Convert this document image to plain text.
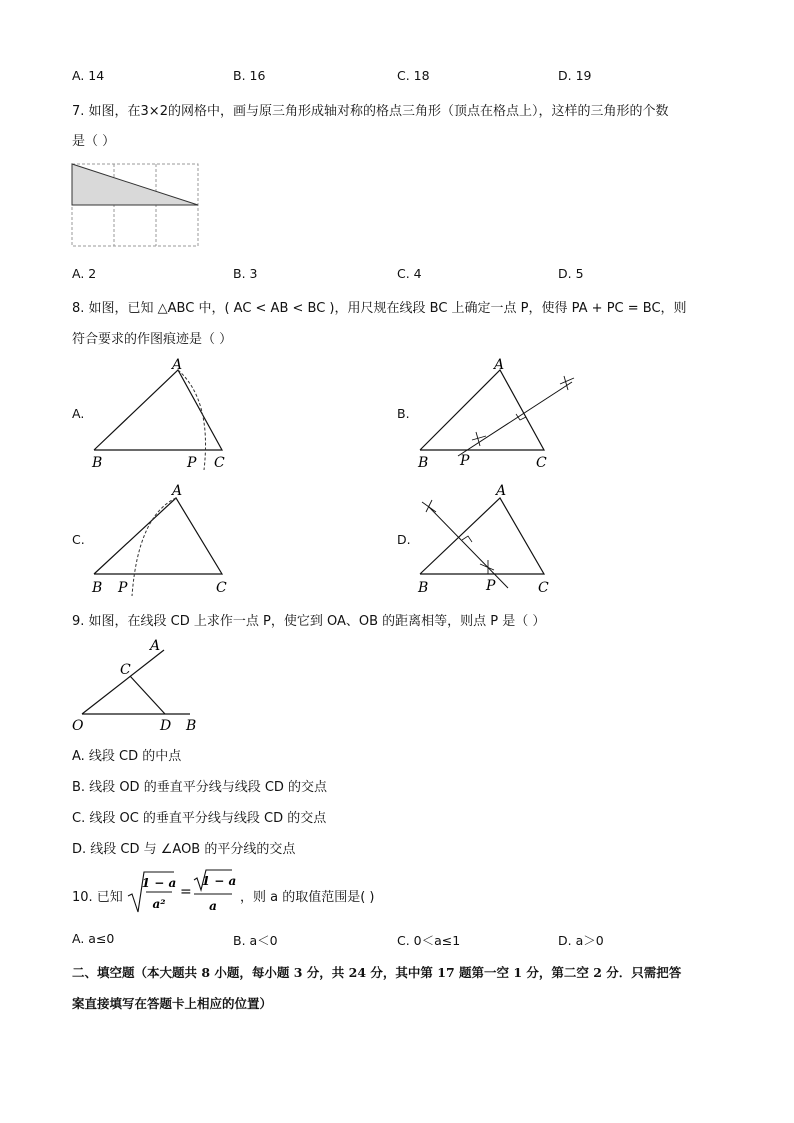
A. 14	B. 16	C. 18	D. 19
7. 如图，在3×2的网格中，画与原三角形成轴对称的格点三角形（顶点在格点上），这样的三角形的个数
是（ ）
A. 2	B. 3	C. 4	D. 5
8. 如图，已知 △ABC 中，( AC < AB < BC )，用尺规在线段 BC 上确定一点 P，使得 PA + PC = BC，则
符合要求的作图痕迹是（ ）
A.	B.
C.	D.
A
B	P C
A
B P	C
A
B P	C
A
B	P	C
9. 如图，在线段 CD 上求作一点 P，使它到 OA、OB 的距离相等，则点 P 是（ ）
O
A
B
C
D
A. 线段 CD 的中点
B. 线段 OD 的垂直平分线与线段 CD 的交点
C. 线段 OC 的垂直平分线与线段 CD 的交点
D. 线段 CD 与 ∠AOB 的平分线的交点
10. 已知
1 − a
a²
=
1 − a
a
，则 a 的取值范围是( )
A. a≤0	B. a＜0	C. 0＜a≤1	D. a＞0
二、填空题（本大题共 8 小题，每小题 3 分，共 24 分，其中第 17 题第一空 1 分，第二空 2 分．只需把答
案直接填写在答题卡上相应的位置）
